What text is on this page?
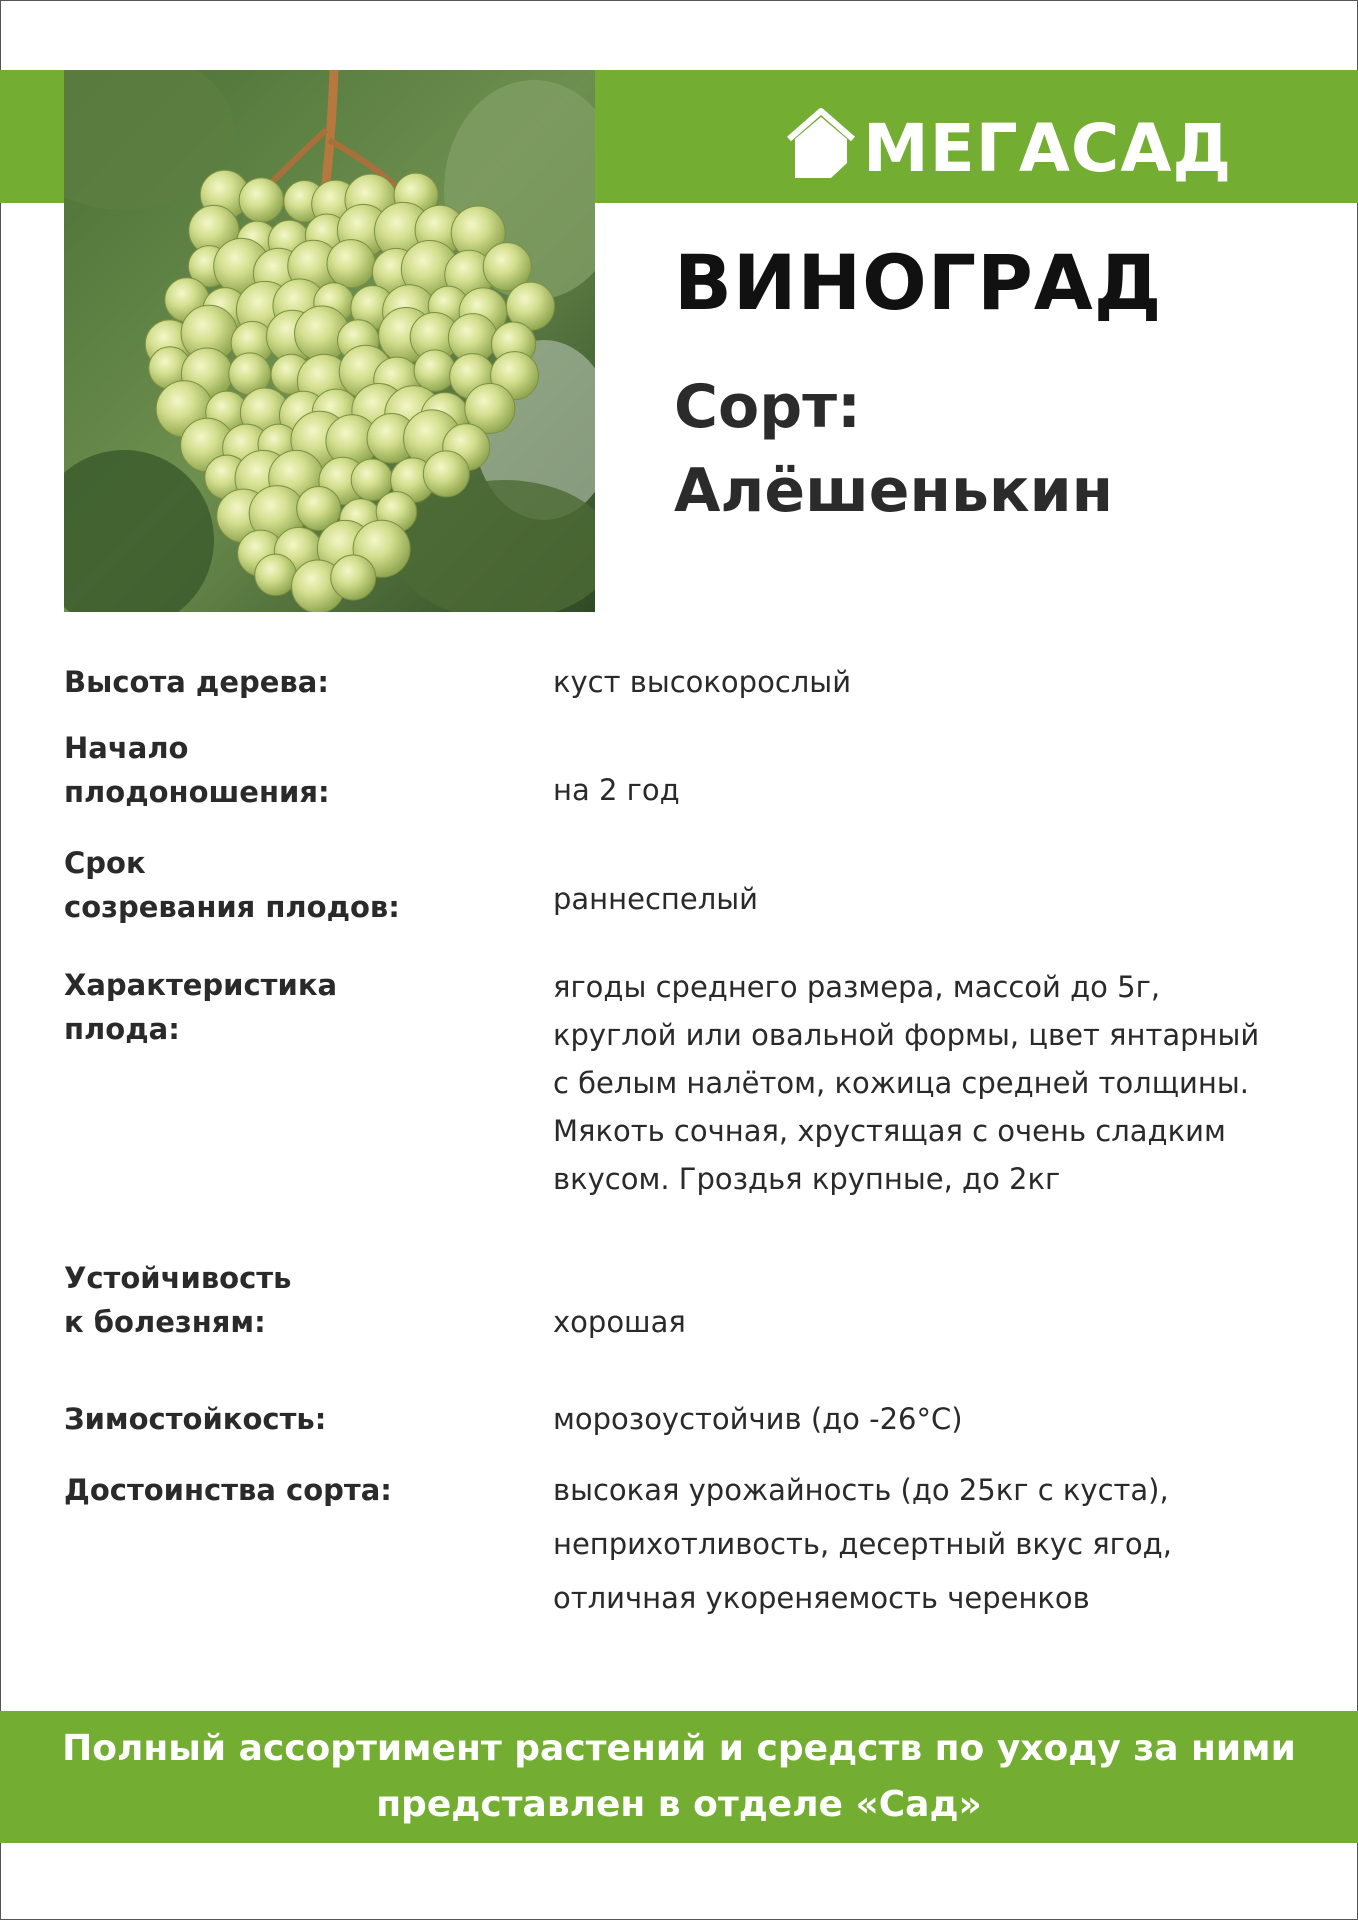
МЕГАСАД
ВИНОГРАД
Сорт:
Алёшенькин
Высота дерева:	куст высокорослый
Начало
плодоношения:	на 2 год
Срок
созревания плодов:	раннеспелый
Характеристика
плода:
ягоды среднего размера, массой до 5г,
круглой или овальной формы, цвет янтарный
с белым налётом, кожица средней толщины.
Мякоть сочная, хрустящая с очень сладким
вкусом. Гроздья крупные, до 2кг
Устойчивость
к болезням:	хорошая
Зимостойкость:	морозоустойчив (до -26°С)
Достоинства сорта:	высокая урожайность (до 25кг с куста),
неприхотливость, десертный вкус ягод,
отличная укореняемость черенков
Полный ассортимент растений и средств по уходу за ними
представлен в отделе «Сад»
